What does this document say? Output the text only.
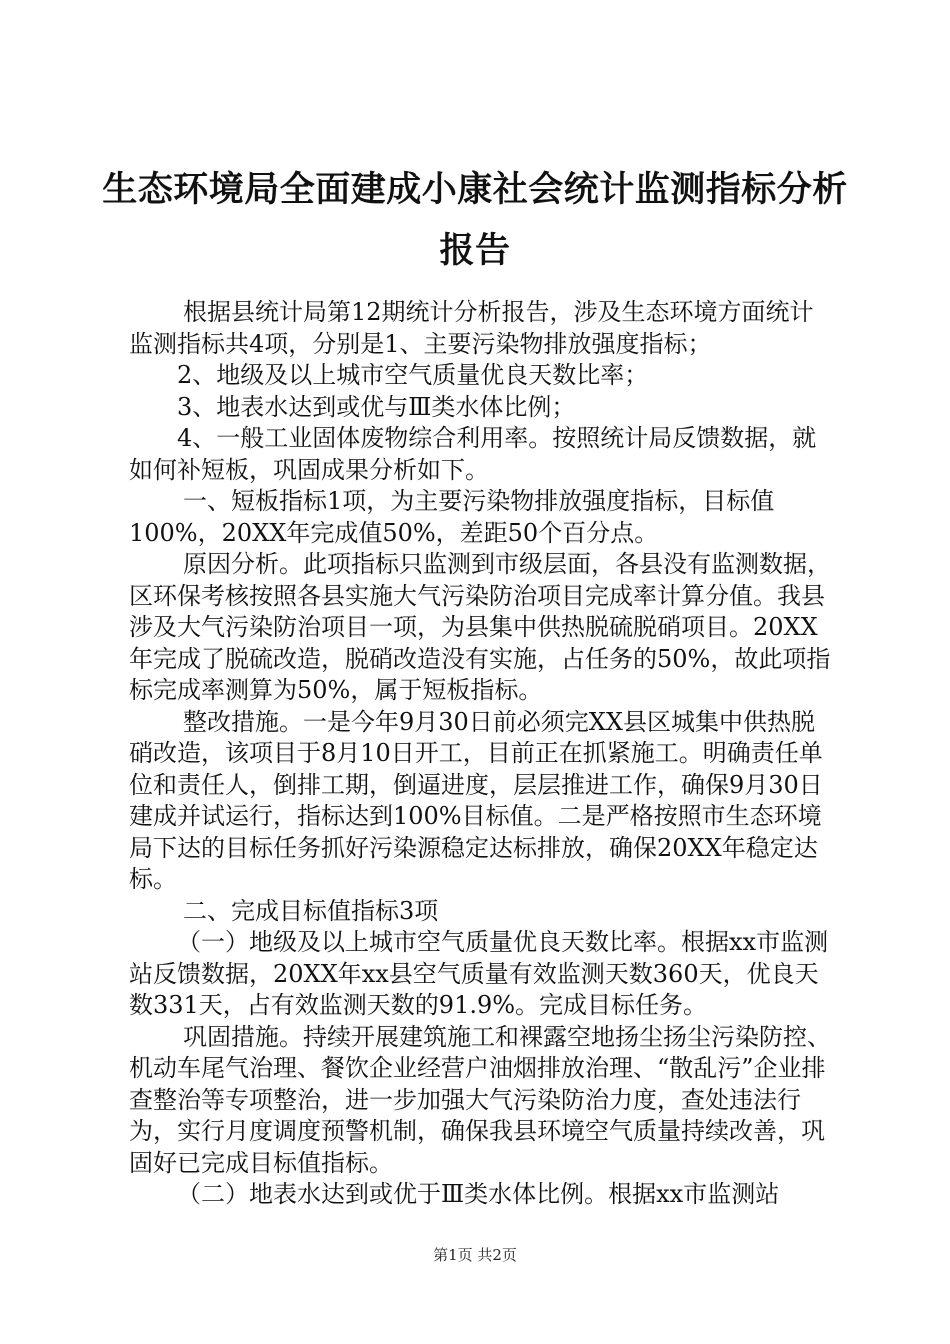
生态环境局全面建成小康社会统计监测指标分析报告

根据县统计局第12期统计分析报告，涉及生态环境方面统计监测指标共4项，分别是1、主要污染物排放强度指标；

2、地级及以上城市空气质量优良天数比率；

3、地表水达到或优与Ⅲ类水体比例；

4、一般工业固体废物综合利用率。按照统计局反馈数据，就如何补短板，巩固成果分析如下。

一、短板指标1项，为主要污染物排放强度指标，目标值100%，20XX年完成值50%，差距50个百分点。

原因分析。此项指标只监测到市级层面，各县没有监测数据，区环保考核按照各县实施大气污染防治项目完成率计算分值。我县涉及大气污染防治项目一项，为县集中供热脱硫脱硝项目。20XX年完成了脱硫改造，脱硝改造没有实施，占任务的50%，故此项指标完成率测算为50%，属于短板指标。

整改措施。一是今年9月30日前必须完XX县区城集中供热脱硝改造，该项目于8月10日开工，目前正在抓紧施工。明确责任单位和责任人，倒排工期，倒逼进度，层层推进工作，确保9月30日建成并试运行，指标达到100%目标值。二是严格按照市生态环境局下达的目标任务抓好污染源稳定达标排放，确保20XX年稳定达标。

二、完成目标值指标3项

（一）地级及以上城市空气质量优良天数比率。根据xx市监测站反馈数据，20XX年xx县空气质量有效监测天数360天，优良天数331天，占有效监测天数的91.9%。完成目标任务。

巩固措施。持续开展建筑施工和裸露空地扬尘扬尘污染防控、机动车尾气治理、餐饮企业经营户油烟排放治理、“散乱污”企业排查整治等专项整治，进一步加强大气污染防治力度，查处违法行为，实行月度调度预警机制，确保我县环境空气质量持续改善，巩固好已完成目标值指标。

（二）地表水达到或优于Ⅲ类水体比例。根据xx市监测站

第1页 共2页
